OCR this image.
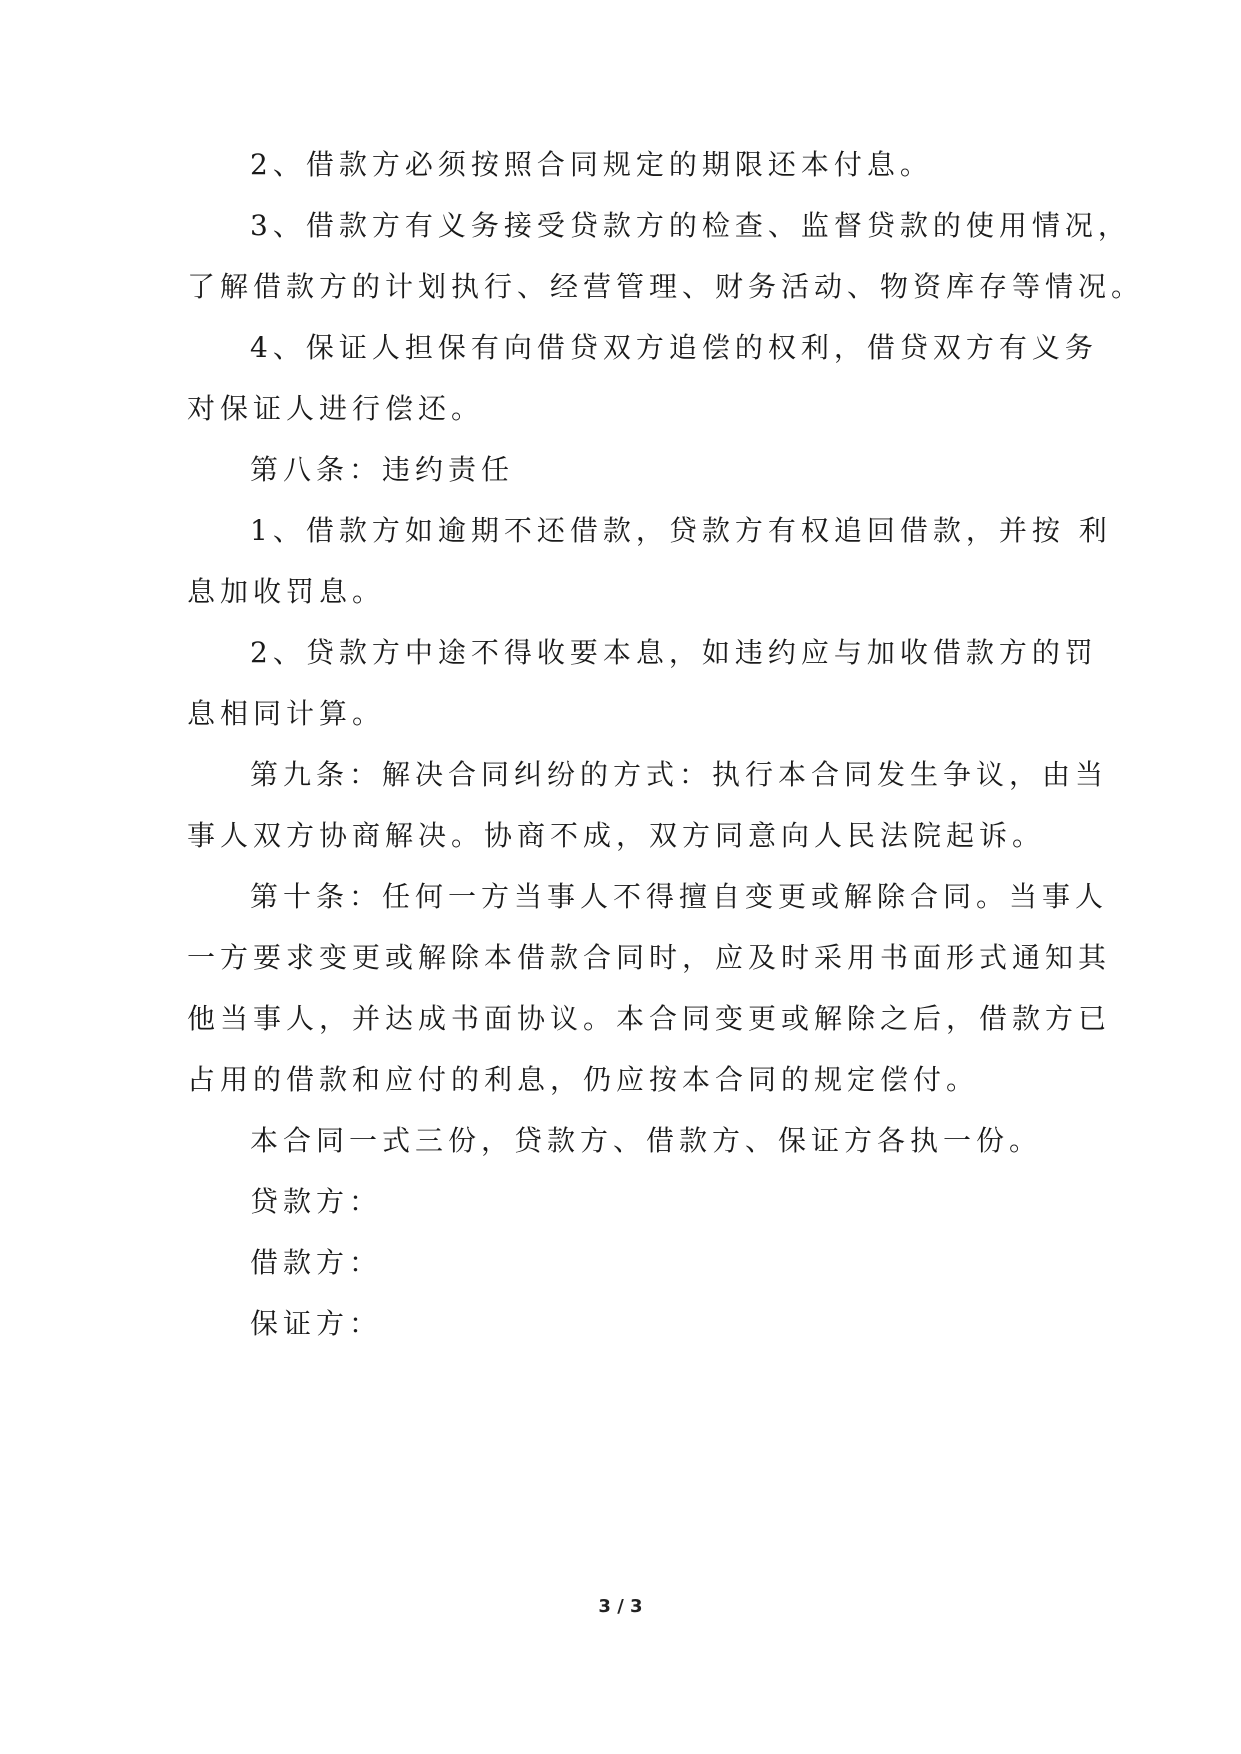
2、借款方必须按照合同规定的期限还本付息。
3、借款方有义务接受贷款方的检查、监督贷款的使用情况，
了解借款方的计划执行、经营管理、财务活动、物资库存等情况。
4、保证人担保有向借贷双方追偿的权利，借贷双方有义务
对保证人进行偿还。
第八条：违约责任
1、借款方如逾期不还借款，贷款方有权追回借款，并按 利
息加收罚息。
2、贷款方中途不得收要本息，如违约应与加收借款方的罚
息相同计算。
第九条：解决合同纠纷的方式：执行本合同发生争议，由当
事人双方协商解决。协商不成，双方同意向人民法院起诉。
第十条：任何一方当事人不得擅自变更或解除合同。当事人
一方要求变更或解除本借款合同时，应及时采用书面形式通知其
他当事人，并达成书面协议。本合同变更或解除之后，借款方已
占用的借款和应付的利息，仍应按本合同的规定偿付。
本合同一式三份，贷款方、借款方、保证方各执一份。
贷款方：
借款方：
保证方：
3 / 3
